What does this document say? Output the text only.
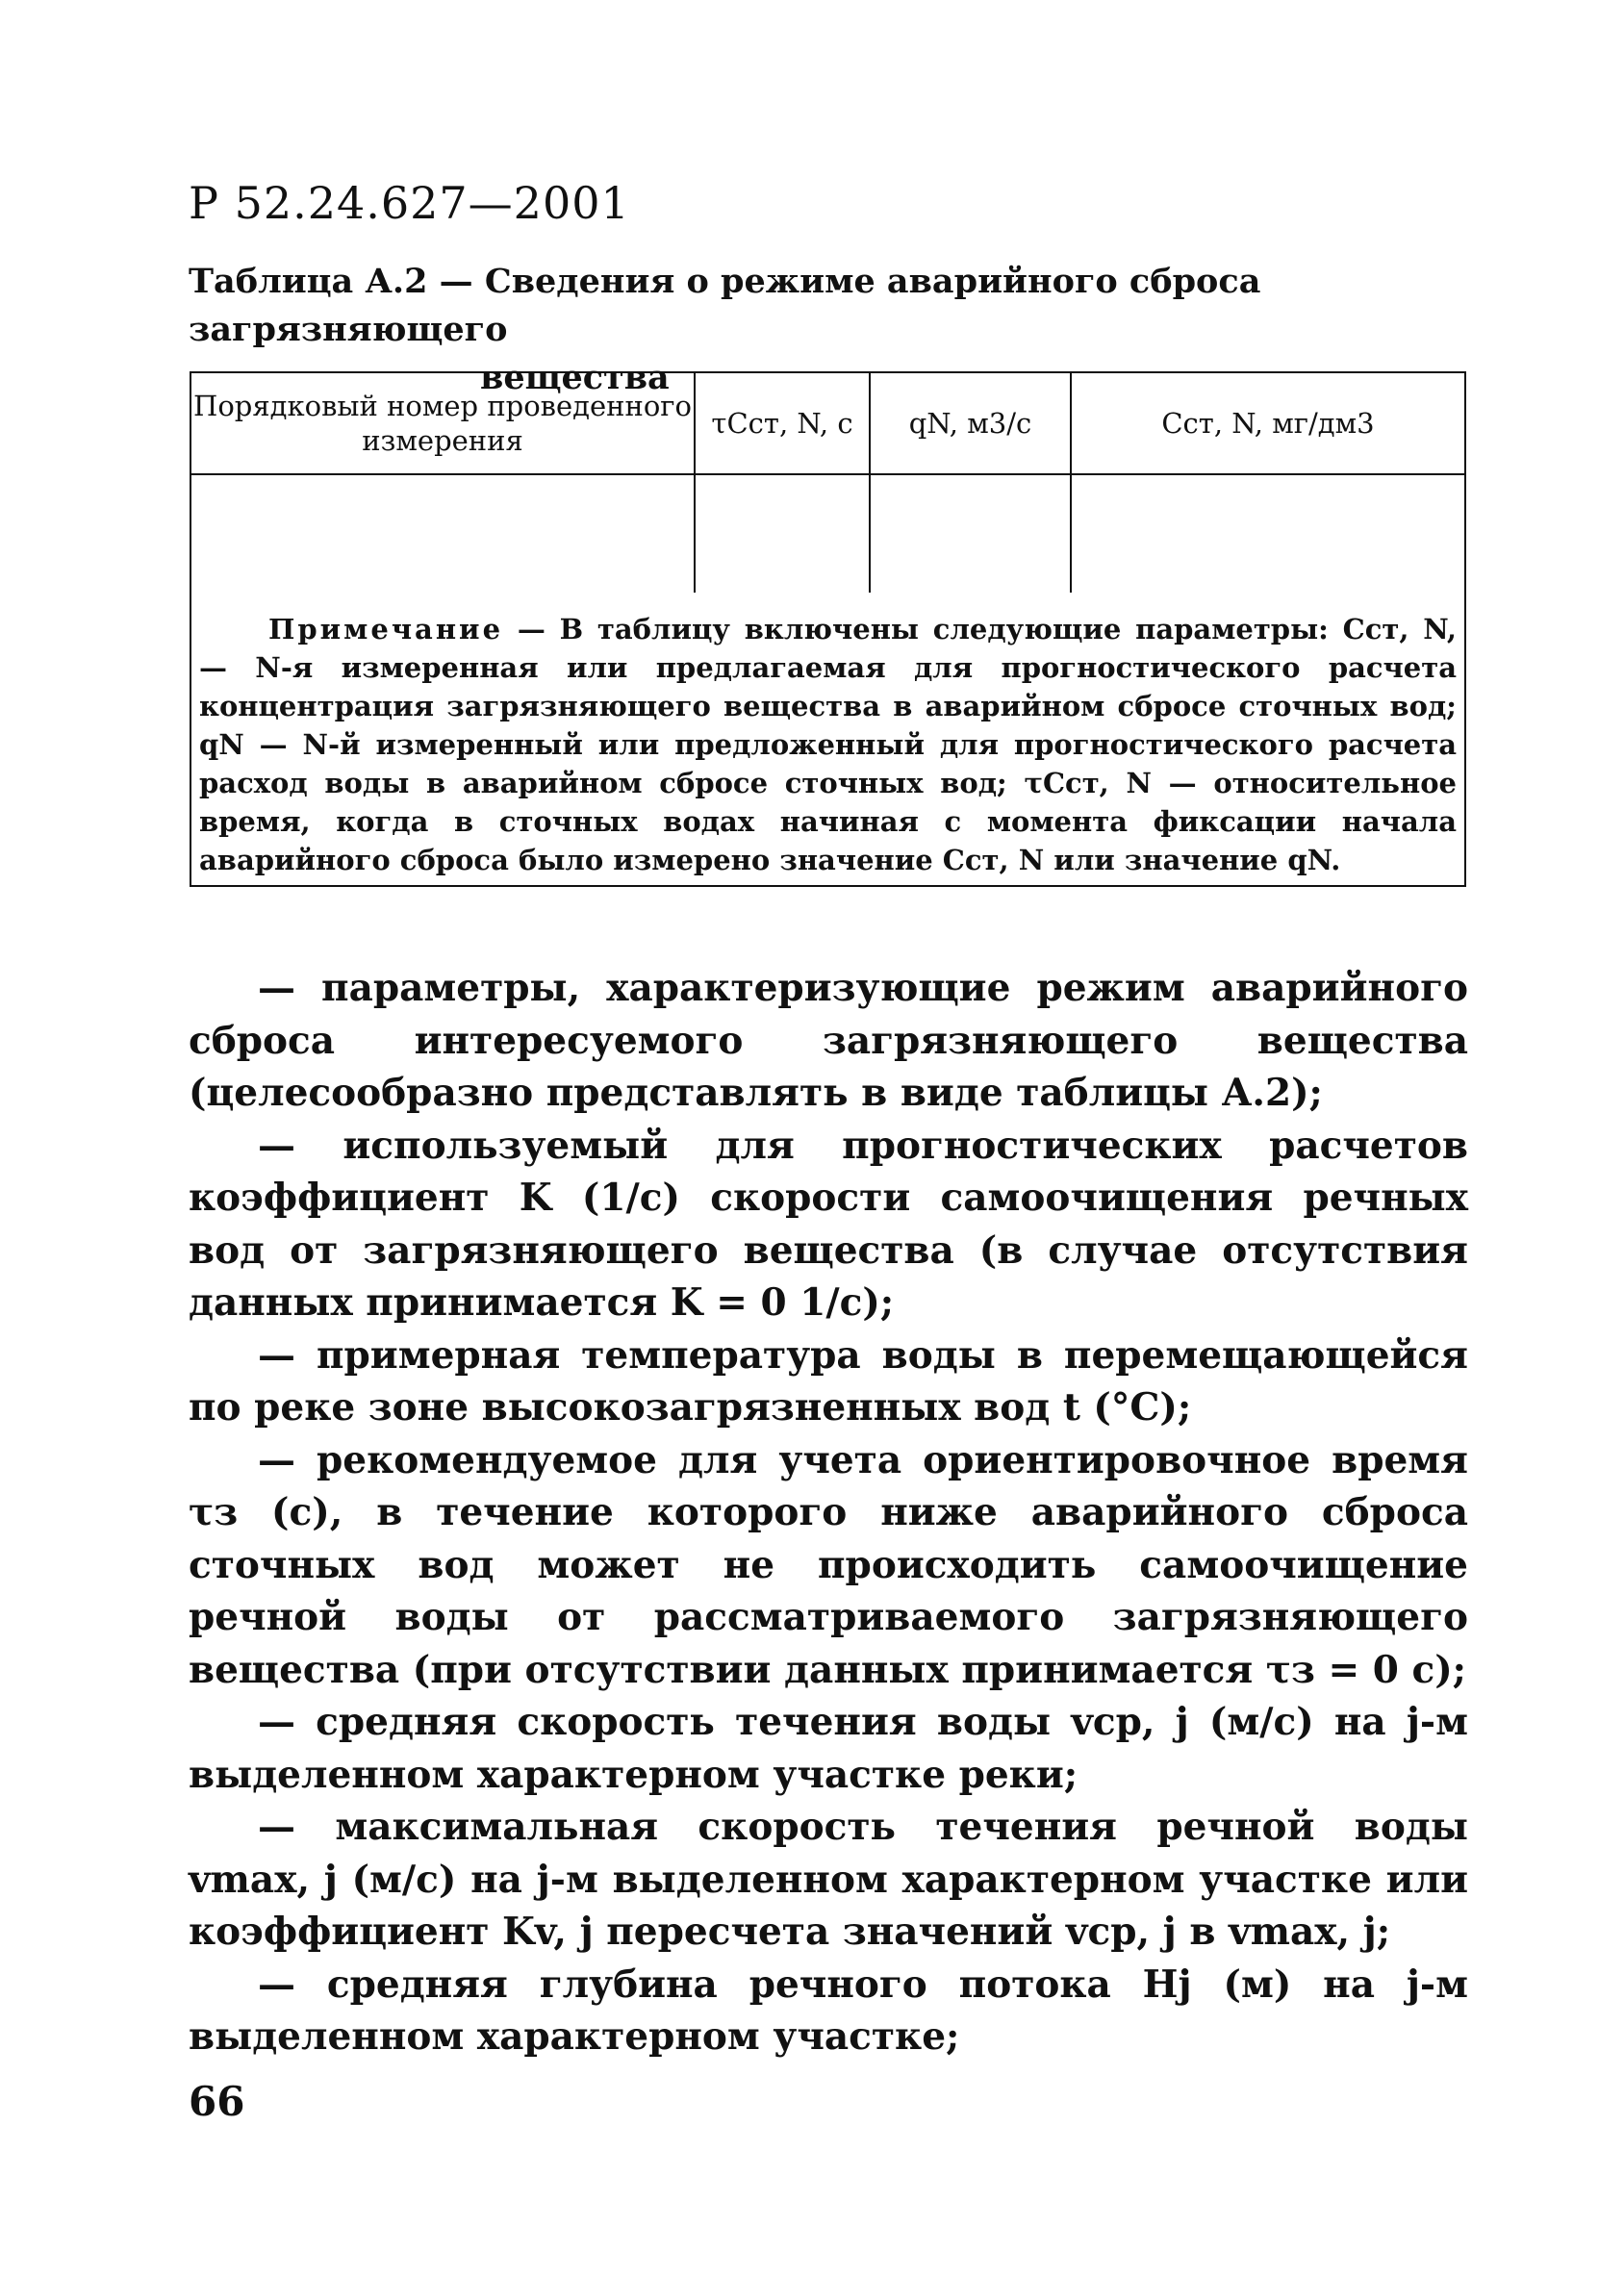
Р 52.24.627—2001
Таблица А.2 — Сведения о режиме аварийного сброса загрязняющего
вещества
Порядковый номер проведенного измерения	τCст, N, с	qN, м3/с	Cст, N, мг/дм3

Примечание — В таблицу включены следующие параметры: Cст, N, — N-я измеренная или предлагаемая для прогностического расчета концентрация загрязняющего вещества в аварийном сбросе сточных вод; qN — N-й измеренный или предложенный для прогностического расчета расход воды в аварийном сбросе сточных вод; τCст, N — относительное время, когда в сточных водах начиная с момента фиксации начала аварийного сброса было измерено значение Cст, N или значение qN.			

— параметры, характеризующие режим аварийного сброса интересуемого загрязняющего вещества (целесообразно представлять в виде таблицы А.2);

— используемый для прогностических расчетов коэффициент K (1/с) скорости самоочищения речных вод от загрязняющего вещества (в случае отсутствия данных принимается K = 0 1/с);

— примерная температура воды в перемещающейся по реке зоне высокозагрязненных вод t (°С);

— рекомендуемое для учета ориентировочное время τз (с), в течение которого ниже аварийного сброса сточных вод может не происходить самоочищение речной воды от рассматриваемого загрязняющего вещества (при отсутствии данных принимается τз = 0 с);

— средняя скорость течения воды vср, j (м/с) на j-м выделенном характерном участке реки;

— максимальная скорость течения речной воды vmax, j (м/с) на j-м выделенном характерном участке или коэффициент Kv, j пересчета значений vср, j в vmax, j;

— средняя глубина речного потока Hj (м) на j-м выделенном характерном участке;

66
